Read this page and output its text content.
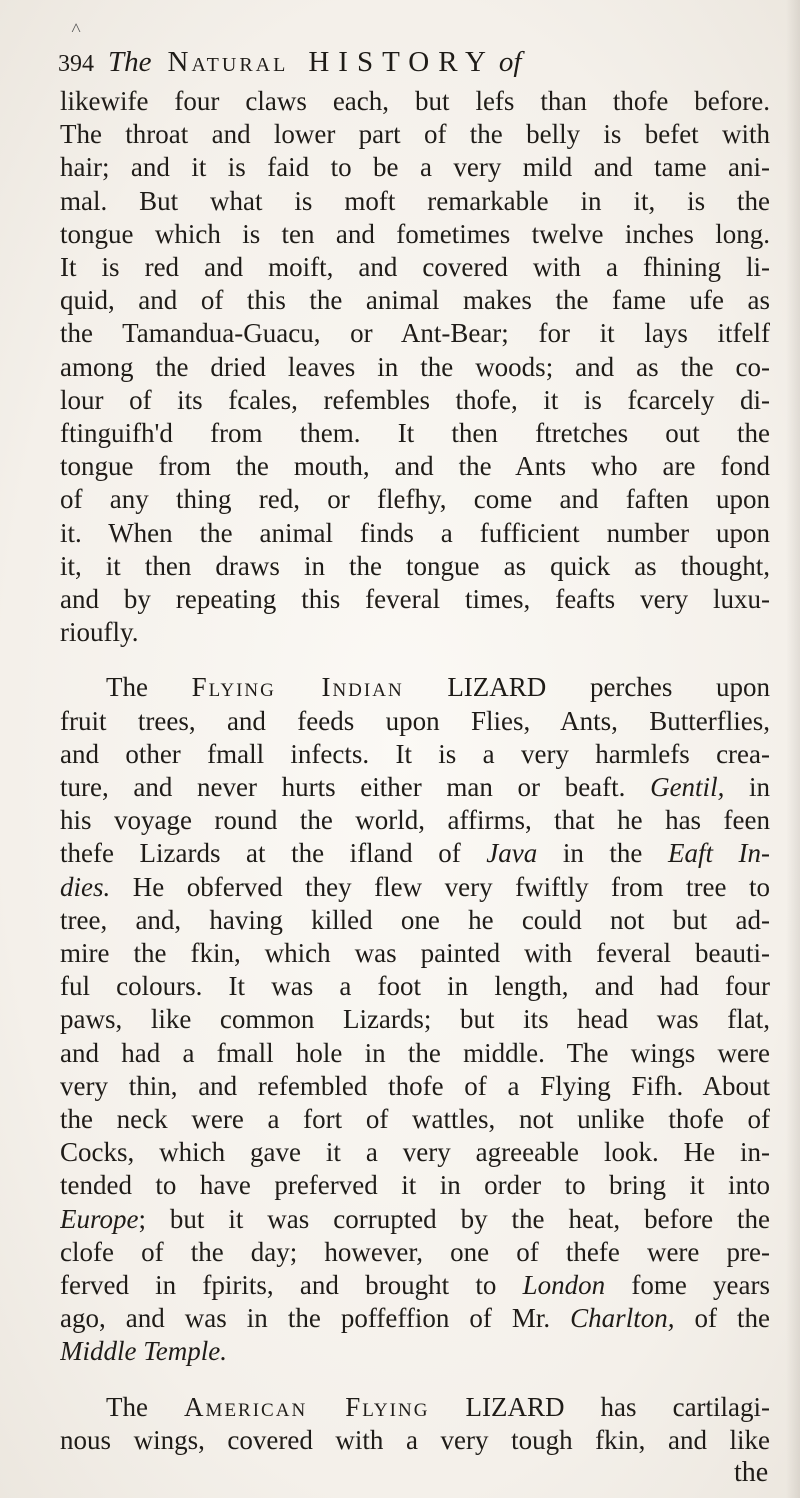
˄
394 The Natural HISTORY of
likewife four claws each, but lefs than thofe before.
The throat and lower part of the belly is befet with
hair; and it is faid to be a very mild and tame ani-
mal. But what is moft remarkable in it, is the
tongue which is ten and fometimes twelve inches long.
It is red and moift, and covered with a fhining li-
quid, and of this the animal makes the fame ufe as
the Tamandua-Guacu, or Ant-Bear; for it lays itfelf
among the dried leaves in the woods; and as the co-
lour of its fcales, refembles thofe, it is fcarcely di-
ftinguifh'd from them. It then ftretches out the
tongue from the mouth, and the Ants who are fond
of any thing red, or flefhy, come and faften upon
it. When the animal finds a fufficient number upon
it, it then draws in the tongue as quick as thought,
and by repeating this feveral times, feafts very luxu-
rioufly.
The Flying Indian LIZARD perches upon
fruit trees, and feeds upon Flies, Ants, Butterflies,
and other fmall infects. It is a very harmlefs crea-
ture, and never hurts either man or beaft. Gentil, in
his voyage round the world, affirms, that he has feen
thefe Lizards at the ifland of Java in the Eaft In-
dies. He obferved they flew very fwiftly from tree to
tree, and, having killed one he could not but ad-
mire the fkin, which was painted with feveral beauti-
ful colours. It was a foot in length, and had four
paws, like common Lizards; but its head was flat,
and had a fmall hole in the middle. The wings were
very thin, and refembled thofe of a Flying Fifh. About
the neck were a fort of wattles, not unlike thofe of
Cocks, which gave it a very agreeable look. He in-
tended to have preferved it in order to bring it into
Europe; but it was corrupted by the heat, before the
clofe of the day; however, one of thefe were pre-
ferved in fpirits, and brought to London fome years
ago, and was in the poffeffion of Mr. Charlton, of the
Middle Temple.
The American Flying LIZARD has cartilagi-
nous wings, covered with a very tough fkin, and like
the
